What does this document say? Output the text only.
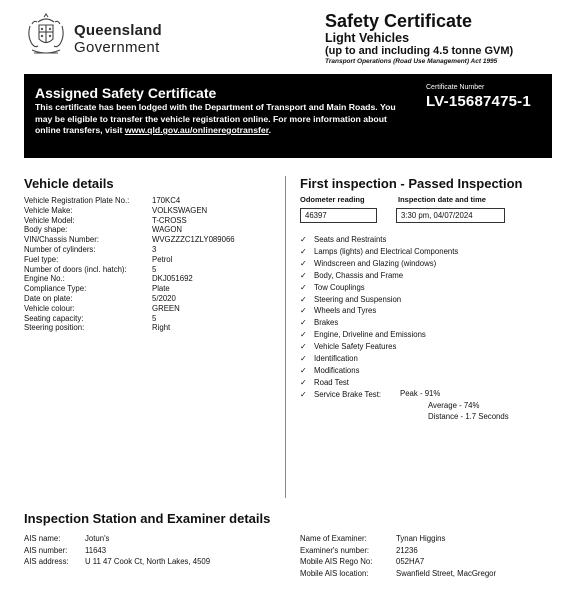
Queensland
Government
Safety Certificate
Light Vehicles
(up to and including 4.5 tonne GVM)
Transport Operations (Road Use Management) Act 1995
Assigned Safety Certificate
This certificate has been lodged with the Department of Transport and Main Roads. You may be eligible to transfer the vehicle registration online. For more information about online transfers, visit www.qld.gov.au/onlineregotransfer.
Certificate Number
LV-15687475-1
Vehicle details
Vehicle Registration Plate No.:	170KC4
Vehicle Make:	VOLKSWAGEN
Vehicle Model:	T-CROSS
Body shape:	WAGON
VIN/Chassis Number:	WVGZZZC1ZLY089066
Number of cylinders:	3
Fuel type:	Petrol
Number of doors (incl. hatch):	5
Engine No.:	DKJ051692
Compliance Type:	Plate
Date on plate:	5/2020
Vehicle colour:	GREEN
Seating capacity:	5
Steering position:	Right
First inspection - Passed Inspection
Odometer reading	Inspection date and time
46397	3:30 pm, 04/07/2024
✓ Seats and Restraints
✓ Lamps (lights) and Electrical Components
✓ Windscreen and Glazing (windows)
✓ Body, Chassis and Frame
✓ Tow Couplings
✓ Steering and Suspension
✓ Wheels and Tyres
✓ Brakes
✓ Engine, Driveline and Emissions
✓ Vehicle Safety Features
✓ Identification
✓ Modifications
✓ Road Test
✓ Service Brake Test: Peak - 91%
Average - 74%
Distance - 1.7 Seconds
Inspection Station and Examiner details
AIS name:	Jotun's
AIS number:	11643
AIS address:	U 11 47 Cook Ct, North Lakes, 4509
Name of Examiner:	Tynan Higgins
Examiner's number:	21236
Mobile AIS Rego No:	052HA7
Mobile AIS location:	Swanfield Street, MacGregor
